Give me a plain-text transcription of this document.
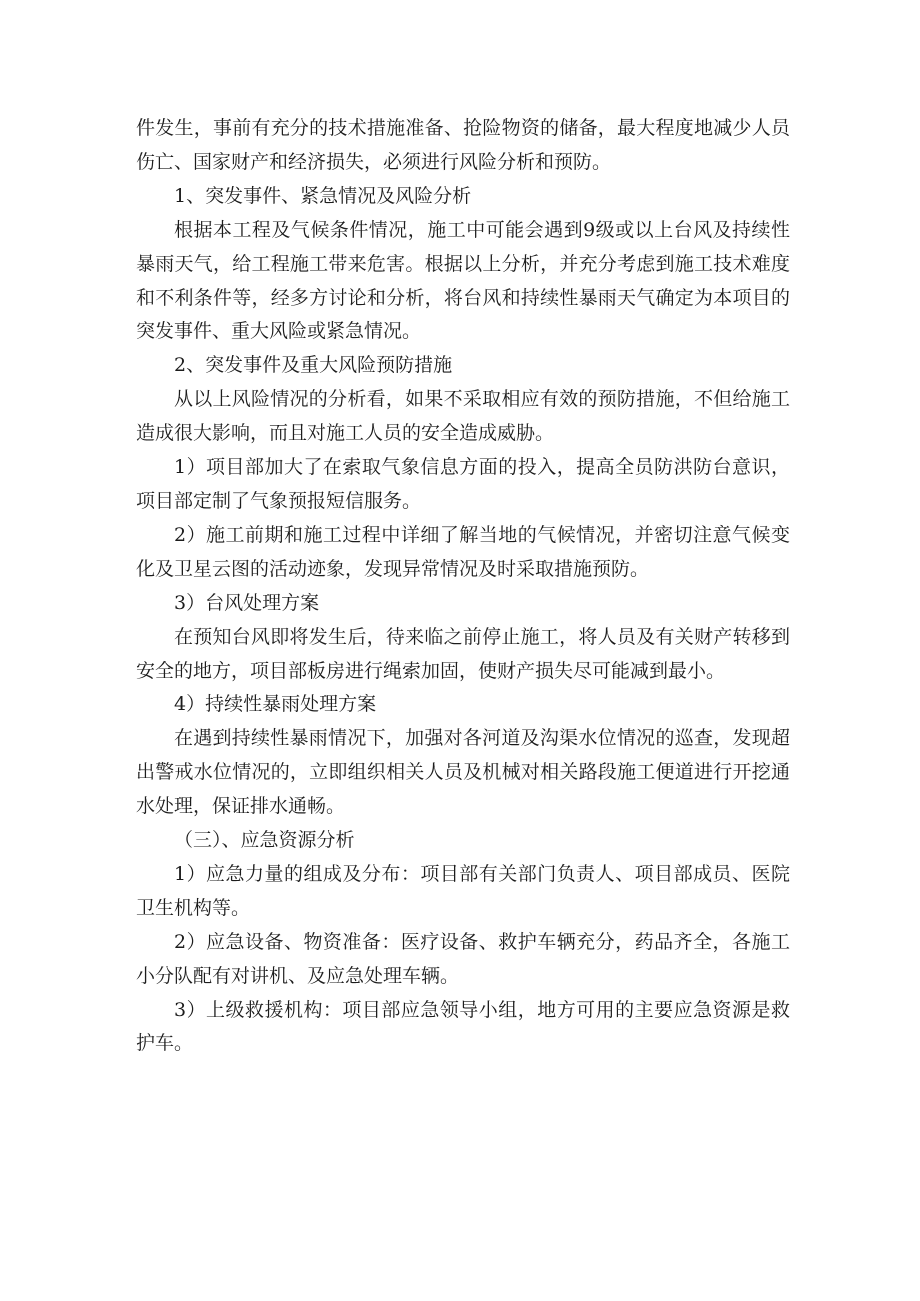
件发生，事前有充分的技术措施准备、抢险物资的储备，最大程度地减少人员伤亡、国家财产和经济损失，必须进行风险分析和预防。

1、突发事件、紧急情况及风险分析

根据本工程及气候条件情况，施工中可能会遇到9级或以上台风及持续性暴雨天气，给工程施工带来危害。根据以上分析，并充分考虑到施工技术难度和不利条件等，经多方讨论和分析，将台风和持续性暴雨天气确定为本项目的突发事件、重大风险或紧急情况。

2、突发事件及重大风险预防措施

从以上风险情况的分析看，如果不采取相应有效的预防措施，不但给施工造成很大影响，而且对施工人员的安全造成威胁。

1）项目部加大了在索取气象信息方面的投入，提高全员防洪防台意识，项目部定制了气象预报短信服务。

2）施工前期和施工过程中详细了解当地的气候情况，并密切注意气候变化及卫星云图的活动迹象，发现异常情况及时采取措施预防。

3）台风处理方案

在预知台风即将发生后，待来临之前停止施工，将人员及有关财产转移到安全的地方，项目部板房进行绳索加固，使财产损失尽可能减到最小。

4）持续性暴雨处理方案

在遇到持续性暴雨情况下，加强对各河道及沟渠水位情况的巡查，发现超出警戒水位情况的，立即组织相关人员及机械对相关路段施工便道进行开挖通水处理，保证排水通畅。

（三）、应急资源分析

1）应急力量的组成及分布：项目部有关部门负责人、项目部成员、医院卫生机构等。

2）应急设备、物资准备：医疗设备、救护车辆充分，药品齐全，各施工小分队配有对讲机、及应急处理车辆。

3）上级救援机构：项目部应急领导小组，地方可用的主要应急资源是救护车。
